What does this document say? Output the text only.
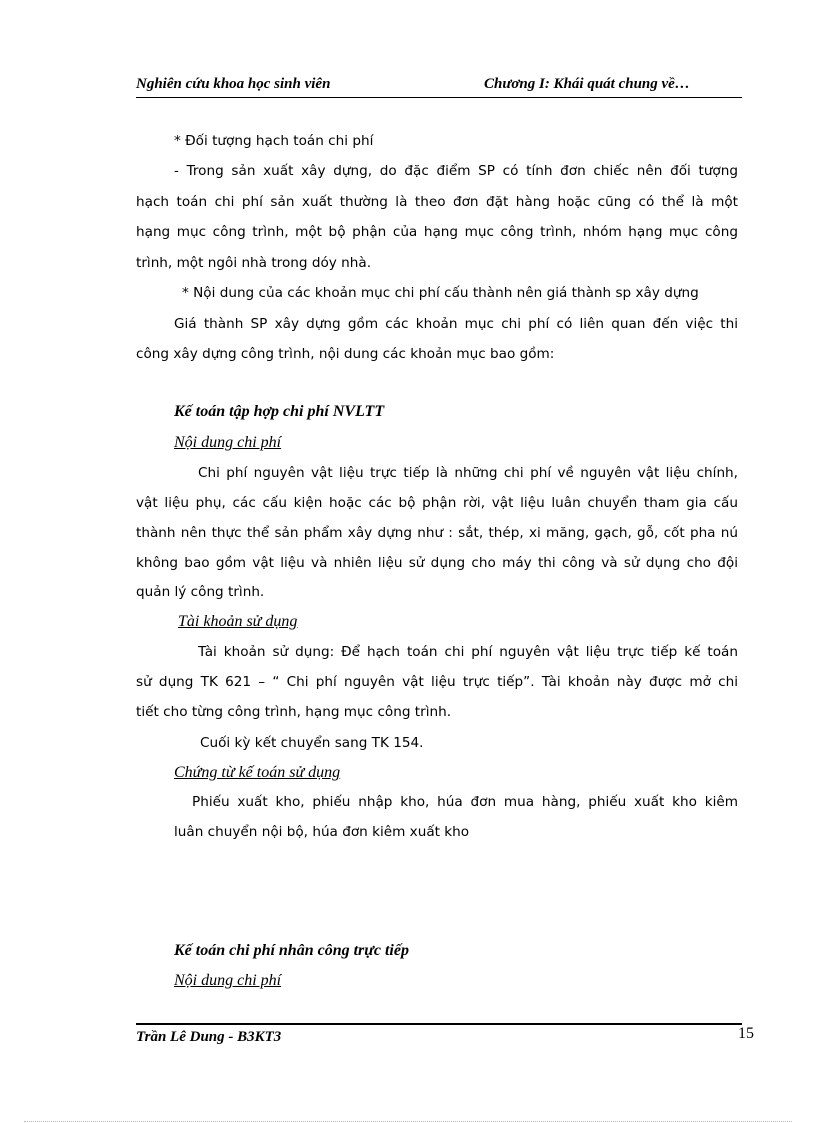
Nghiên cứu khoa học sinh viên	Chương I: Khái quát chung về…
* Đối tượng hạch toán chi phí
- Trong sản xuất xây dựng, do đặc điểm SP có tính đơn chiếc nên đối tượng
hạch toán chi phí sản xuất thường là theo đơn đặt hàng hoặc cũng có thể là một
hạng mục công trình, một bộ phận của hạng mục công trình, nhóm hạng mục công
trình, một ngôi nhà trong dóy nhà.
* Nội dung của các khoản mục chi phí cấu thành nên giá thành sp xây dựng
Giá thành SP xây dựng gồm các khoản mục chi phí có liên quan đến việc thi
công xây dựng công trình, nội dung các khoản mục bao gồm:
Kế toán tập hợp chi phí NVLTT
Nội dung chi phí
Chi phí nguyên vật liệu trực tiếp là những chi phí về nguyên vật liệu chính,
vật liệu phụ, các cấu kiện hoặc các bộ phận rời, vật liệu luân chuyển tham gia cấu
thành nên thực thể sản phẩm xây dựng như : sắt, thép, xi măng, gạch, gỗ, cốt pha nú
không bao gồm vật liệu và nhiên liệu sử dụng cho máy thi công và sử dụng cho đội
quản lý công trình.
Tài khoản sử dụng
Tài khoản sử dụng: Để hạch toán chi phí nguyên vật liệu trực tiếp kế toán
sử dụng TK 621 – “ Chi phí nguyên vật liệu trực tiếp”. Tài khoản này được mở chi
tiết cho từng công trình, hạng mục công trình.
Cuối kỳ kết chuyển sang TK 154.
Chứng từ kế toán sử dụng
Phiếu xuất kho, phiếu nhập kho, húa đơn mua hàng, phiếu xuất kho kiêm
luân chuyển nội bộ, húa đơn kiêm xuất kho
Kế toán chi phí nhân công trực tiếp
Nội dung chi phí
Trần Lê Dung - B3KT3	15
